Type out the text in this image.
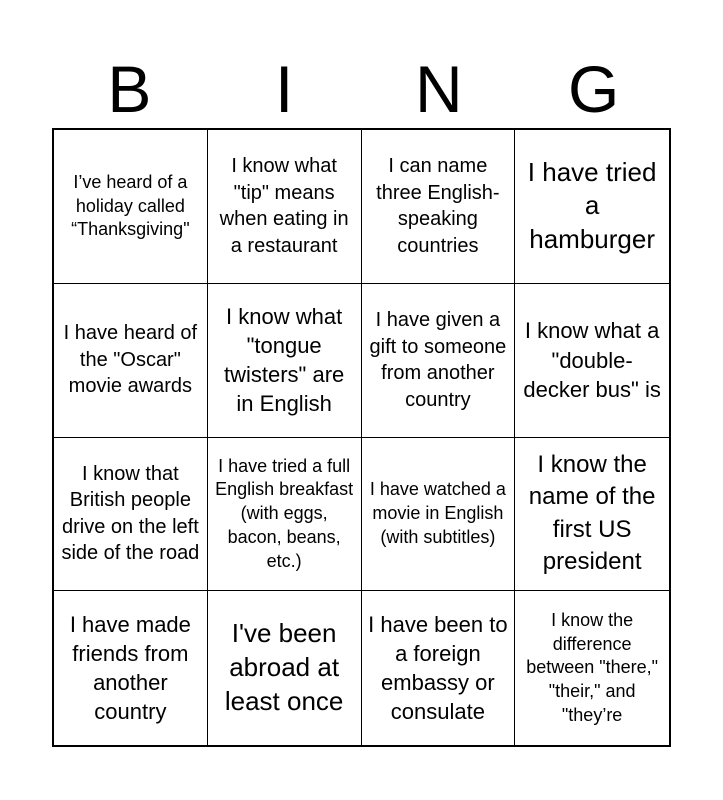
B	I	N	G
I’ve heard of a holiday called “Thanksgiving"
I know what "tip" means when eating in a restaurant
I can name three English-speaking countries
I have tried a hamburger
I have heard of the "Oscar" movie awards
I know what "tongue twisters" are in English
I have given a gift to someone from another country
I know what a "double-decker bus" is
I know that British people drive on the left side of the road
I have tried a full English breakfast (with eggs, bacon, beans, etc.)
I have watched a movie in English (with subtitles)
I know the name of the first US president
I have made friends from another country
I've been abroad at least once
I have been to a foreign embassy or consulate
I know the difference between "there," "their," and "they’re
